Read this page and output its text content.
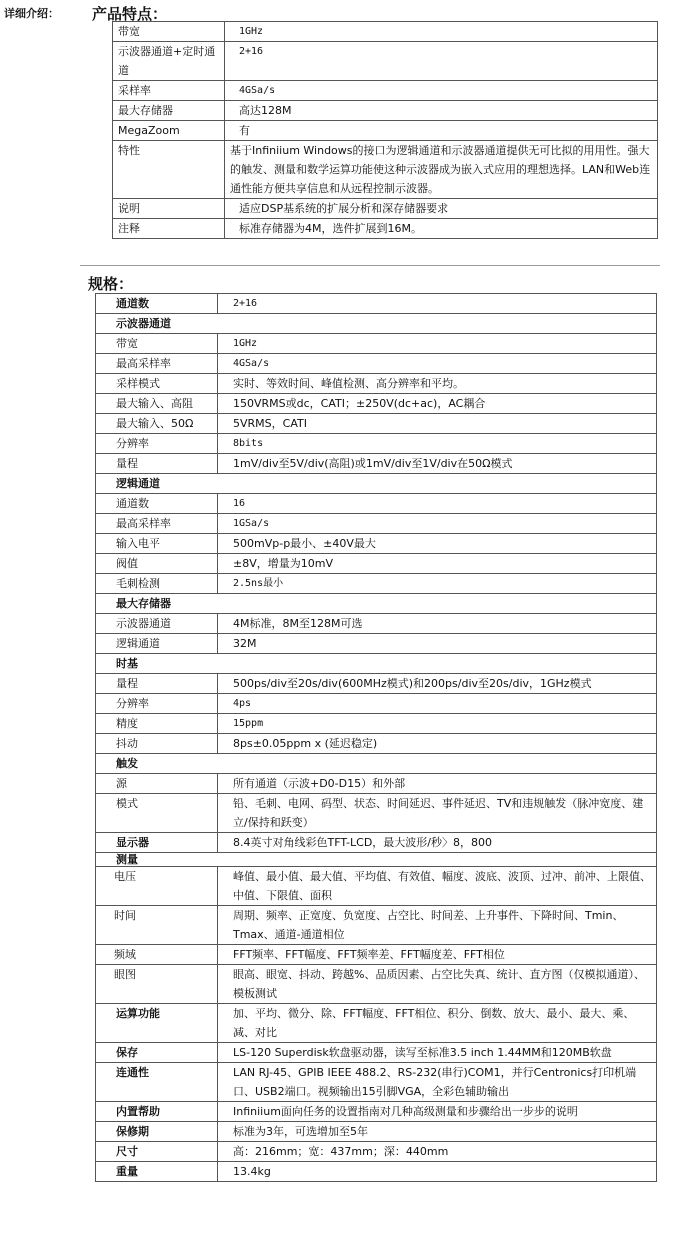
详细介绍： 产品特点：
带宽	1GHz
示波器通道+定时通道	2+16
采样率	4GSa/s
最大存储器	高达128M
MegaZoom	有
特性	基于Infiniium Windows的接口为逻辑通道和示波器通道提供无可比拟的用用性。强大的触发、测量和数学运算功能使这种示波器成为嵌入式应用的理想选择。LAN和Web连通性能方便共享信息和从远程控制示波器。
说明	适应DSP基系统的扩展分析和深存储器要求
注释	标准存储器为4M，选件扩展到16M。
规格：
通道数	2+16
示波器通道	
带宽	1GHz
最高采样率	4GSa/s
采样模式	实时、等效时间、峰值检测、高分辨率和平均。
最大输入、高阻	150VRMS或dc，CATI；±250V(dc+ac)，AC耦合
最大输入、50Ω	5VRMS，CATI
分辨率	8bits
量程	1mV/div至5V/div(高阻)或1mV/div至1V/div在50Ω模式
逻辑通道	
通道数	16
最高采样率	1GSa/s
输入电平	500mVp-p最小、±40V最大
阀值	±8V，增量为10mV
毛刺检测	2.5ns最小
最大存储器	
示波器通道	4M标准，8M至128M可选
逻辑通道	32M
时基	
量程	500ps/div至20s/div(600MHz模式)和200ps/div至20s/div，1GHz模式
分辨率	4ps
精度	15ppm
抖动	8ps±0.05ppm x (延迟稳定)
触发	
源	所有通道（示波+D0-D15）和外部
模式	铅、毛刺、电网、码型、状态、时间延迟、事件延迟、TV和违规触发（脉冲宽度、建立/保持和跃变）
显示器	8.4英寸对角线彩色TFT-LCD，最大波形/秒〉8，800
测量	
电压	峰值、最小值、最大值、平均值、有效值、幅度、波底、波顶、过冲、前冲、上限值、中值、下限值、面积
时间	周期、频率、正宽度、负宽度、占空比、时间差、上升事件、下降时间、Tmin、Tmax、通道-通道相位
频域	FFT频率、FFT幅度、FFT频率差、FFT幅度差、FFT相位
眼图	眼高、眼宽、抖动、跨越%、品质因素、占空比失真、统计、直方图（仅模拟通道）、模板测试
运算功能	加、平均、微分、除、FFT幅度、FFT相位、积分、倒数、放大、最小、最大、乘、减、对比
保存	LS-120 Superdisk软盘驱动器，读写至标准3.5 inch 1.44MM和120MB软盘
连通性	LAN RJ-45、GPIB IEEE 488.2、RS-232(串行)COM1，并行Centronics打印机端口、USB2端口。视频输出15引脚VGA，全彩色辅助输出
内置帮助	Infiniium面向任务的设置指南对几种高级测量和步骤给出一步步的说明
保修期	标准为3年，可选增加至5年
尺寸	高：216mm；宽：437mm；深：440mm
重量	13.4kg
